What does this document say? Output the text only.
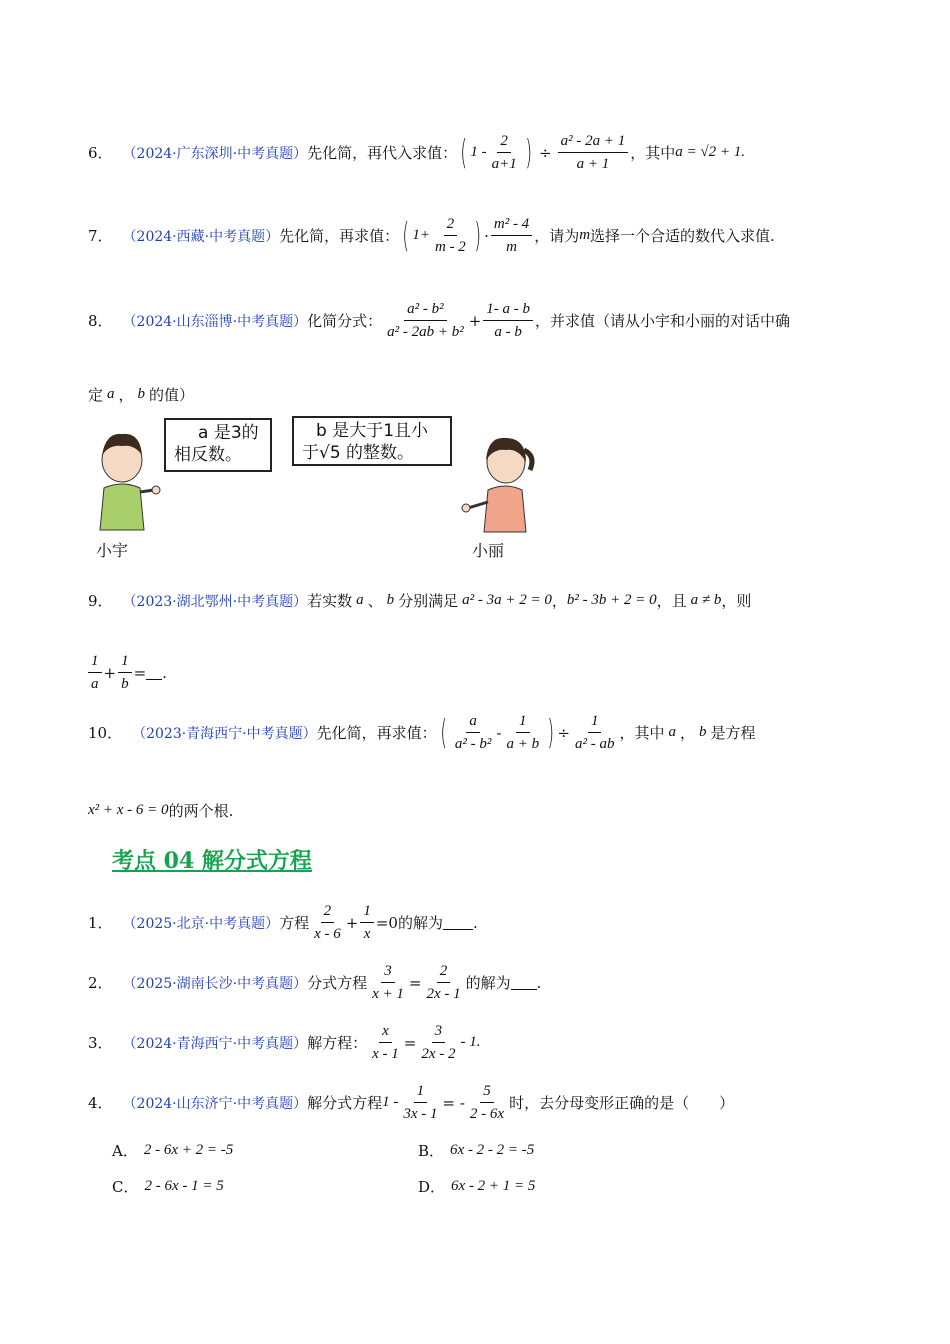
6． （2024·广东深圳·中考真题） 先化简，再代入求值： ( $1 - \frac{2}{a+1}$ ) ÷ $\frac{\text{a² - 2a + 1}}{a + 1}$ ，其中 a = √2 + 1.
7． （2024·西藏·中考真题） 先化简，再求值： ( $1+ \frac{2}{m - 2}$ ) · $\frac{\text{m² - 4}}{m}$ ，请为 m 选择一个合适的数代入求值.
8． （2024·山东淄博·中考真题） 化简分式： $\frac{\text{a² - b²}}{\text{a² - 2ab + b²}} + \frac{1- a - b}{a - b}$ ，并求值（请从小宇和小丽的对话中确
定 a ， b 的值）
a 是3的
相反数。
b 是大于1且小
于√5 的整数。
小宇	小丽
9． （2023·湖北鄂州·中考真题） 若实数 a 、 b 分别满足 a² - 3a + 2 = 0 ， b² - 3b + 2 = 0 ，且 a ≠ b ，则
$\frac{1}{a} + \frac{1}{b}$ = .
10． （2023·青海西宁·中考真题） 先化简，再求值： ( $\frac{a}{\text{a² - b²}} - \frac{1}{a + b}$ ) ÷ $\frac{1}{\text{a² - ab}}$ ，其中 a ， b 是方程
x² + x - 6 = 0 的两个根.
考点 04 解分式方程
1． （2025·北京·中考真题） 方程 $\frac{2}{x - 6} + \frac{1}{x} =0$ 的解为 .
2． （2025·湖南长沙·中考真题） 分式方程 $\frac{3}{x + 1} = \frac{2}{2x - 1}$ 的解为 .
3． （2024·青海西宁·中考真题） 解方程： $\frac{x}{x - 1} = \frac{3}{2x - 2} - 1$.
4． （2024·山东济宁·中考真题） 解分式方程 $1 - \frac{1}{3x - 1}$ = - $\frac{5}{2 - 6x}$ 时，去分母变形正确的是（　　）
A． 2 - 6x + 2 = -5	B． 6x - 2 - 2 = -5
C． 2 - 6x - 1 = 5	D． 6x - 2 + 1 = 5
